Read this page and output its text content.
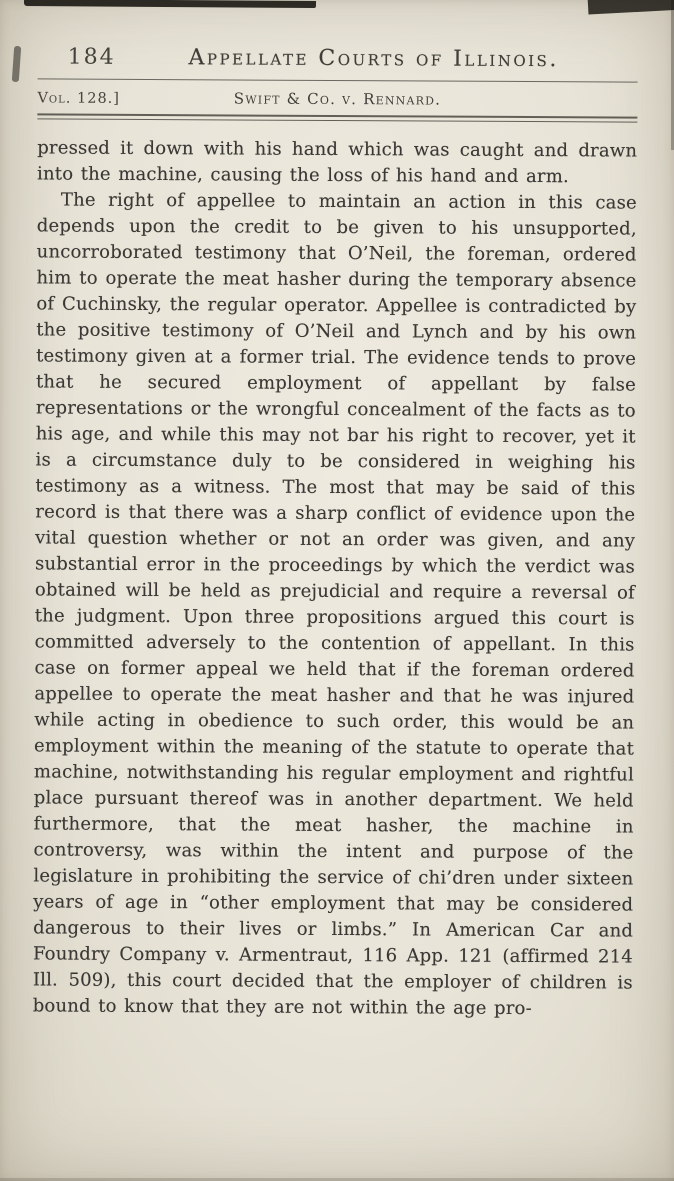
184	Appellate Courts of Illinois.
Vol. 128.]	Swift & Co. v. Rennard.

pressed it down with his hand which was caught and drawn into the machine, causing the loss of his hand and arm.

The right of appellee to maintain an action in this case depends upon the credit to be given to his unsupported, uncorroborated testimony that O’Neil, the foreman, ordered him to operate the meat hasher during the temporary absence of Cuchinsky, the regular operator. Appellee is contradicted by the positive testimony of O’Neil and Lynch and by his own testimony given at a former trial. The evidence tends to prove that he secured employment of appellant by false representations or the wrongful concealment of the facts as to his age, and while this may not bar his right to recover, yet it is a circumstance duly to be considered in weighing his testimony as a witness. The most that may be said of this record is that there was a sharp conflict of evidence upon the vital question whether or not an order was given, and any substantial error in the proceedings by which the verdict was obtained will be held as prejudicial and require a reversal of the judgment. Upon three propositions argued this court is committed adversely to the contention of appellant. In this case on former appeal we held that if the foreman ordered appellee to operate the meat hasher and that he was injured while acting in obedience to such order, this would be an employment within the meaning of the statute to operate that machine, notwithstanding his regular employment and rightful place pursuant thereof was in another department. We held furthermore, that the meat hasher, the machine in controversy, was within the intent and purpose of the legislature in prohibiting the service of chi’dren under sixteen years of age in “other employment that may be considered dangerous to their lives or limbs.” In American Car and Foundry Company v. Armentraut, 116 App. 121 (affirmed 214 Ill. 509), this court decided that the employer of children is bound to know that they are not within the age pro-
